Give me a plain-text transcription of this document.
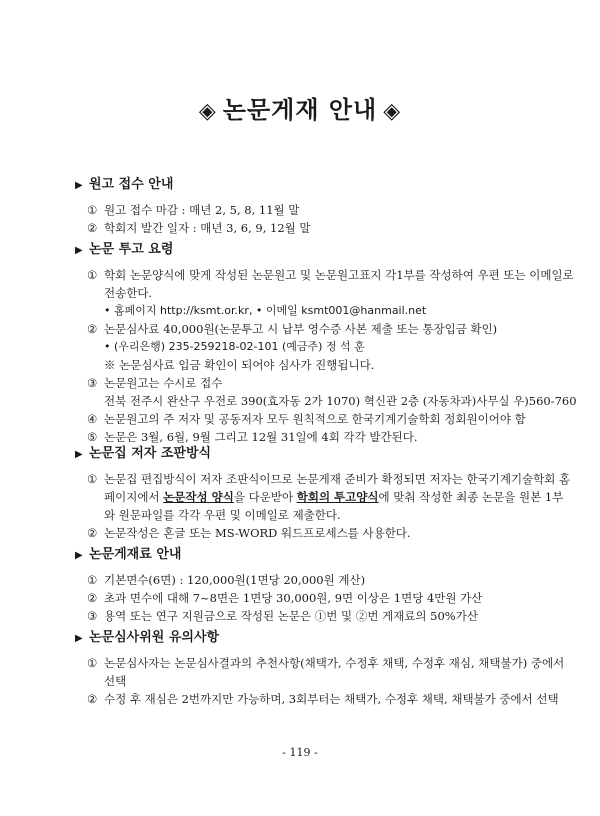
◈ 논문게재 안내 ◈
▶ 원고 접수 안내
① 원고 접수 마감 : 매년 2, 5, 8, 11월 말
② 학회지 발간 일자 : 매년 3, 6, 9, 12월 말
▶ 논문 투고 요령
① 학회 논문양식에 맞게 작성된 논문원고 및 논문원고표지 각1부를 작성하여 우편 또는 이메일로
전송한다.
• 홈페이지 http://ksmt.or.kr, • 이메일 ksmt001@hanmail.net
② 논문심사료 40,000원(논문투고 시 납부 영수증 사본 제출 또는 통장입금 확인)
• (우리은행) 235-259218-02-101 (예금주) 정 석 훈
※ 논문심사료 입금 확인이 되어야 심사가 진행됩니다.
③ 논문원고는 수시로 접수
전북 전주시 완산구 우전로 390(효자동 2가 1070) 혁신관 2층 (자동차과)사무실 우)560-760
④ 논문원고의 주 저자 및 공동저자 모두 원칙적으로 한국기계기술학회 정회원이어야 함
⑤ 논문은 3월, 6월, 9월 그리고 12월 31일에 4회 각각 발간된다.
▶ 논문집 저자 조판방식
① 논문집 편집방식이 저자 조판식이므로 논문게재 준비가 확정되면 저자는 한국기계기술학회 홈
페이지에서 논문작성 양식을 다운받아 학회의 투고양식에 맞춰 작성한 최종 논문을 원본 1부
와 원문파일를 각각 우편 및 이메일로 제출한다.
② 논문작성은 혼글 또는 MS-WORD 워드프로세스를 사용한다.
▶ 논문게재료 안내
① 기본면수(6면) : 120,000원(1면당 20,000원 계산)
② 초과 면수에 대해 7~8면은 1면당 30,000원, 9면 이상은 1면당 4만원 가산
③ 용역 또는 연구 지원금으로 작성된 논문은 ①번 및 ②번 게재료의 50%가산
▶ 논문심사위원 유의사항
① 논문심사자는 논문심사결과의 추천사항(채택가, 수정후 채택, 수정후 재심, 채택불가) 중에서
선택
② 수정 후 재심은 2번까지만 가능하며, 3회부터는 채택가, 수정후 채택, 채택불가 중에서 선택
- 119 -
